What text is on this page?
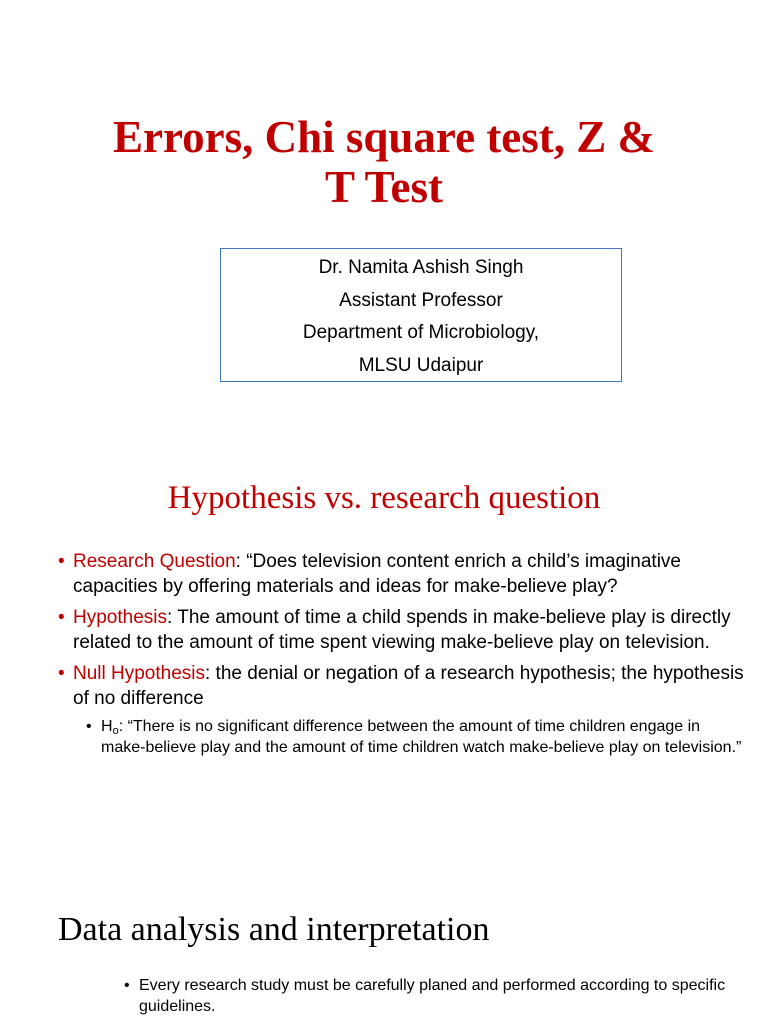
Errors, Chi square test, Z &
T Test
Dr. Namita Ashish Singh
Assistant Professor
Department of Microbiology,
MLSU Udaipur
Hypothesis vs. research question
• Research Question: “Does television content enrich a child’s imaginative capacities by offering materials and ideas for make-believe play?
• Hypothesis: The amount of time a child spends in make-believe play is directly related to the amount of time spent viewing make-believe play on television.
• Null Hypothesis: the denial or negation of a research hypothesis; the hypothesis of no difference
• $H_o$: “There is no significant difference between the amount of time children engage in make-believe play and the amount of time children watch make-believe play on television.”
Data analysis and interpretation
• Every research study must be carefully planed and performed according to specific guidelines.
